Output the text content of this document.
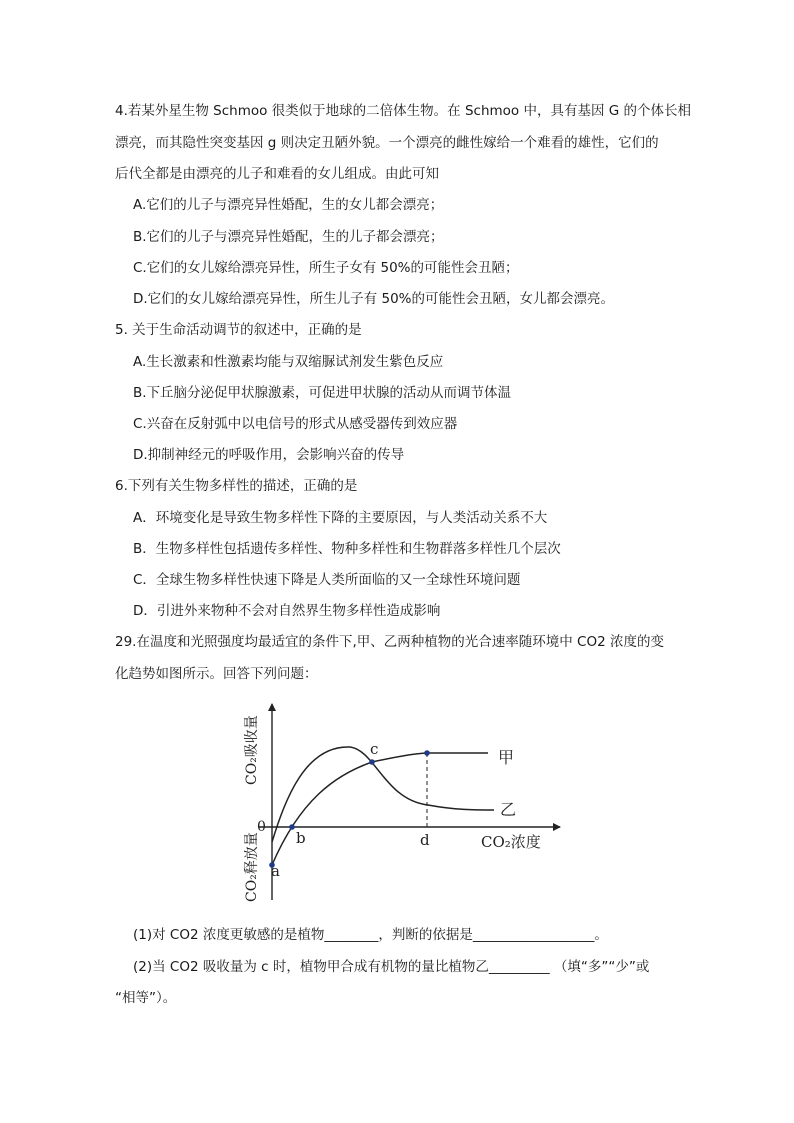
4.若某外星生物 Schmoo 很类似于地球的二倍体生物。在 Schmoo 中，具有基因 G 的个体长相
漂亮，而其隐性突变基因 g 则决定丑陋外貌。一个漂亮的雌性嫁给一个难看的雄性，它们的
后代全都是由漂亮的儿子和难看的女儿组成。由此可知
A.它们的儿子与漂亮异性婚配，生的女儿都会漂亮；
B.它们的儿子与漂亮异性婚配，生的儿子都会漂亮；
C.它们的女儿嫁给漂亮异性，所生子女有 50%的可能性会丑陋；
D.它们的女儿嫁给漂亮异性，所生儿子有 50%的可能性会丑陋，女儿都会漂亮。
5. 关于生命活动调节的叙述中，正确的是
A.生长激素和性激素均能与双缩脲试剂发生紫色反应
B.下丘脑分泌促甲状腺激素，可促进甲状腺的活动从而调节体温
C.兴奋在反射弧中以电信号的形式从感受器传到效应器
D.抑制神经元的呼吸作用，会影响兴奋的传导
6.下列有关生物多样性的描述，正确的是
A．环境变化是导致生物多样性下降的主要原因，与人类活动关系不大
B．生物多样性包括遗传多样性、物种多样性和生物群落多样性几个层次
C．全球生物多样性快速下降是人类所面临的又一全球性环境问题
D．引进外来物种不会对自然界生物多样性造成影响
29.在温度和光照强度均最适宜的条件下,甲、乙两种植物的光合速率随环境中 CO2 浓度的变
化趋势如图所示。回答下列问题：
a
b
c
d
0
甲
乙
CO₂浓度
CO₂吸收量
CO₂释放量
(1)对 CO2 浓度更敏感的是植物________，判断的依据是__________________。
(2)当 CO2 吸收量为 c 时，植物甲合成有机物的量比植物乙_________ （填“多”“少”或
“相等”）。
